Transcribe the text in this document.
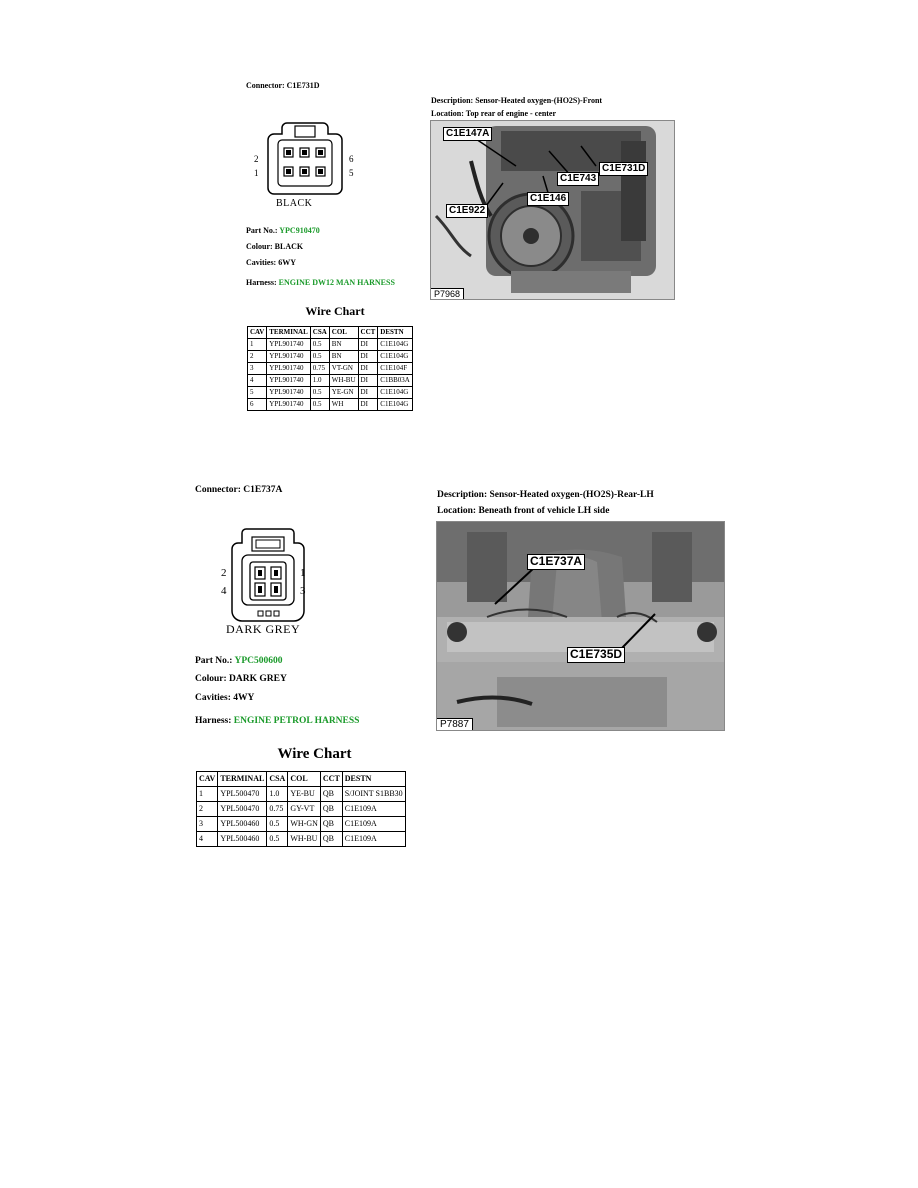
Connector: C1E731D
Description: Sensor-Heated oxygen-(HO2S)-Front
Location: Top rear of engine - center
2
1
6
5
BLACK
Part No.: YPC910470
Colour: BLACK
Cavities: 6WY
Harness: ENGINE DW12 MAN HARNESS
C1E147A
C1E731D
C1E743
C1E146
C1E922
P7968
Wire Chart
CAV	TERMINAL	CSA	COL	CCT	DESTN
1	YPL901740	0.5	BN	DI	C1E104G
2	YPL901740	0.5	BN	DI	C1E104G
3	YPL901740	0.75	VT-GN	DI	C1E104F
4	YPL901740	1.0	WH-BU	DI	C1BB03A
5	YPL901740	0.5	YE-GN	DI	C1E104G
6	YPL901740	0.5	WH	DI	C1E104G
Connector: C1E737A	Description: Sensor-Heated oxygen-(HO2S)-Rear-LH
Location: Beneath front of vehicle LH side
2
4
1
3
DARK GREY
Part No.: YPC500600
Colour: DARK GREY
Cavities: 4WY
Harness: ENGINE PETROL HARNESS
C1E737A
C1E735D
P7887
Wire Chart
CAV	TERMINAL	CSA	COL	CCT	DESTN
1	YPL500470	1.0	YE-BU	QB	S/JOINT S1BB30
2	YPL500470	0.75	GY-VT	QB	C1E109A
3	YPL500460	0.5	WH-GN	QB	C1E109A
4	YPL500460	0.5	WH-BU	QB	C1E109A
